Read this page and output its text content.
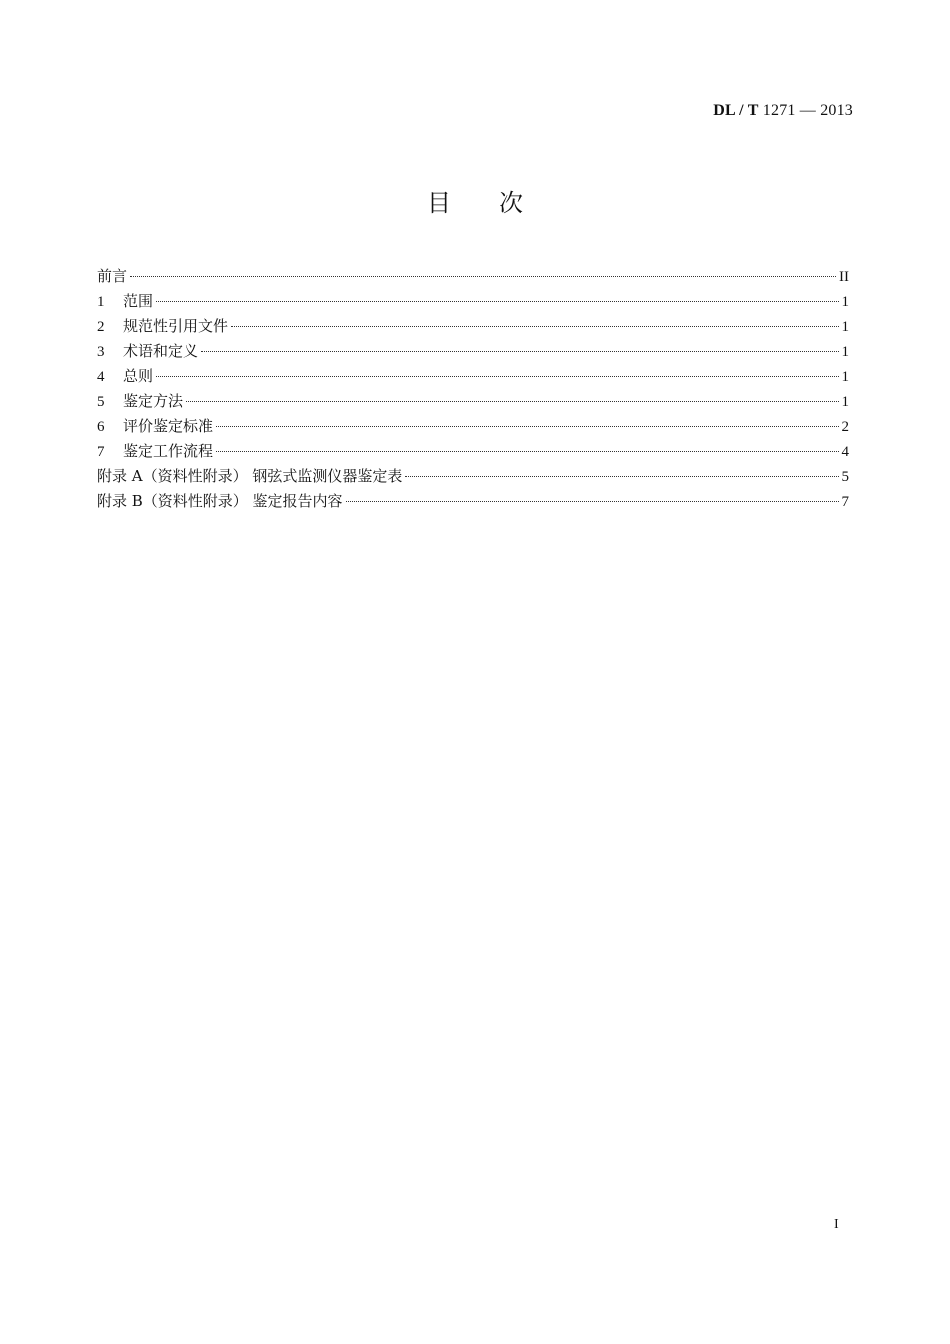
DL / T 1271 — 2013
目 次
前言	II
1	范围	1
2	规范性引用文件	1
3	术语和定义	1
4	总则	1
5	鉴定方法	1
6	评价鉴定标准	2
7	鉴定工作流程	4
附录 A（资料性附录） 钢弦式监测仪器鉴定表	5
附录 B（资料性附录） 鉴定报告内容	7
I
